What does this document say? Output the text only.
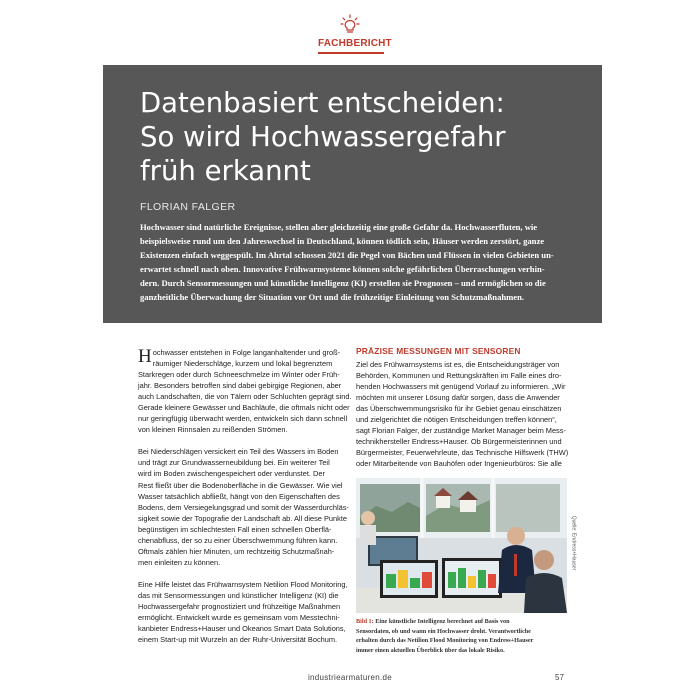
FACHBERICHT
Datenbasiert entscheiden:
So wird Hochwassergefahr
früh erkannt
FLORIAN FALGER
Hochwasser sind natürliche Ereignisse, stellen aber gleichzeitig eine große Gefahr da. Hochwasserfluten, wie
beispielsweise rund um den Jahreswechsel in Deutschland, können tödlich sein, Häuser werden zerstört, ganze
Existenzen einfach weggespült. Im Ahrtal schossen 2021 die Pegel von Bächen und Flüssen in vielen Gebieten un-
erwartet schnell nach oben. Innovative Frühwarnsysteme können solche gefährlichen Überraschungen verhin-
dern. Durch Sensormessungen und künstliche Intelligenz (KI) erstellen sie Prognosen – und ermöglichen so die
ganzheitliche Überwachung der Situation vor Ort und die frühzeitige Einleitung von Schutzmaßnahmen.
H ochwasser entstehen in Folge langanhaltender und groß-
räumiger Niederschläge, kurzem und lokal begrenztem
Starkregen oder durch Schneeschmelze im Winter oder Früh-
jahr. Besonders betroffen sind dabei gebirgige Regionen, aber
auch Landschaften, die von Tälern oder Schluchten geprägt sind.
Gerade kleinere Gewässer und Bachläufe, die oftmals nicht oder
nur geringfügig überwacht werden, entwickeln sich dann schnell
von kleinen Rinnsalen zu reißenden Strömen.
Bei Niederschlägen versickert ein Teil des Wassers im Boden
und trägt zur Grundwasserneubildung bei. Ein weiterer Teil
wird im Boden zwischengespeichert oder verdunstet. Der
Rest fließt über die Bodenoberfläche in die Gewässer. Wie viel
Wasser tatsächlich abfließt, hängt von den Eigenschaften des
Bodens, dem Versiegelungsgrad und somit der Wasserdurchläs-
sigkeit sowie der Topografie der Landschaft ab. All diese Punkte
begünstigen im schlechtesten Fall einen schnellen Oberflä-
chenabfluss, der so zu einer Überschwemmung führen kann.
Oftmals zählen hier Minuten, um rechtzeitig Schutzmaßnah-
men einleiten zu können.
Eine Hilfe leistet das Frühwarnsystem Netilion Flood Monitoring,
das mit Sensormessungen und künstlicher Intelligenz (KI) die
Hochwassergefahr prognostiziert und frühzeitige Maßnahmen
ermöglicht. Entwickelt wurde es gemeinsam vom Messtechni-
kanbieter Endress+Hauser und Okeanos Smart Data Solutions,
einem Start-up mit Wurzeln an der Ruhr-Universität Bochum.
PRÄZISE MESSUNGEN MIT SENSOREN
Ziel des Frühwarnsystems ist es, die Entscheidungsträger von
Behörden, Kommunen und Rettungskräften im Falle eines dro-
henden Hochwassers mit genügend Vorlauf zu informieren. „Wir
möchten mit unserer Lösung dafür sorgen, dass die Anwender
das Überschwemmungsrisiko für ihr Gebiet genau einschätzen
und zielgerichtet die nötigen Entscheidungen treffen können“,
sagt Florian Falger, der zuständige Market Manager beim Mess-
technikhersteller Endress+Hauser. Ob Bürgermeisterinnen und
Bürgermeister, Feuerwehrleute, das Technische Hilfswerk (THW)
oder Mitarbeitende von Bauhöfen oder Ingenieurbüros: Sie alle
Quelle: Endress+Hauser
Bild 1: Eine künstliche Intelligenz berechnet auf Basis von
Sensordaten, ob und wann ein Hochwasser droht. Verantwortliche
erhalten durch das Netilion Flood Monitoring von Endress+Hauser
immer einen aktuellen Überblick über das lokale Risiko.
industriearmaturen.de	57
